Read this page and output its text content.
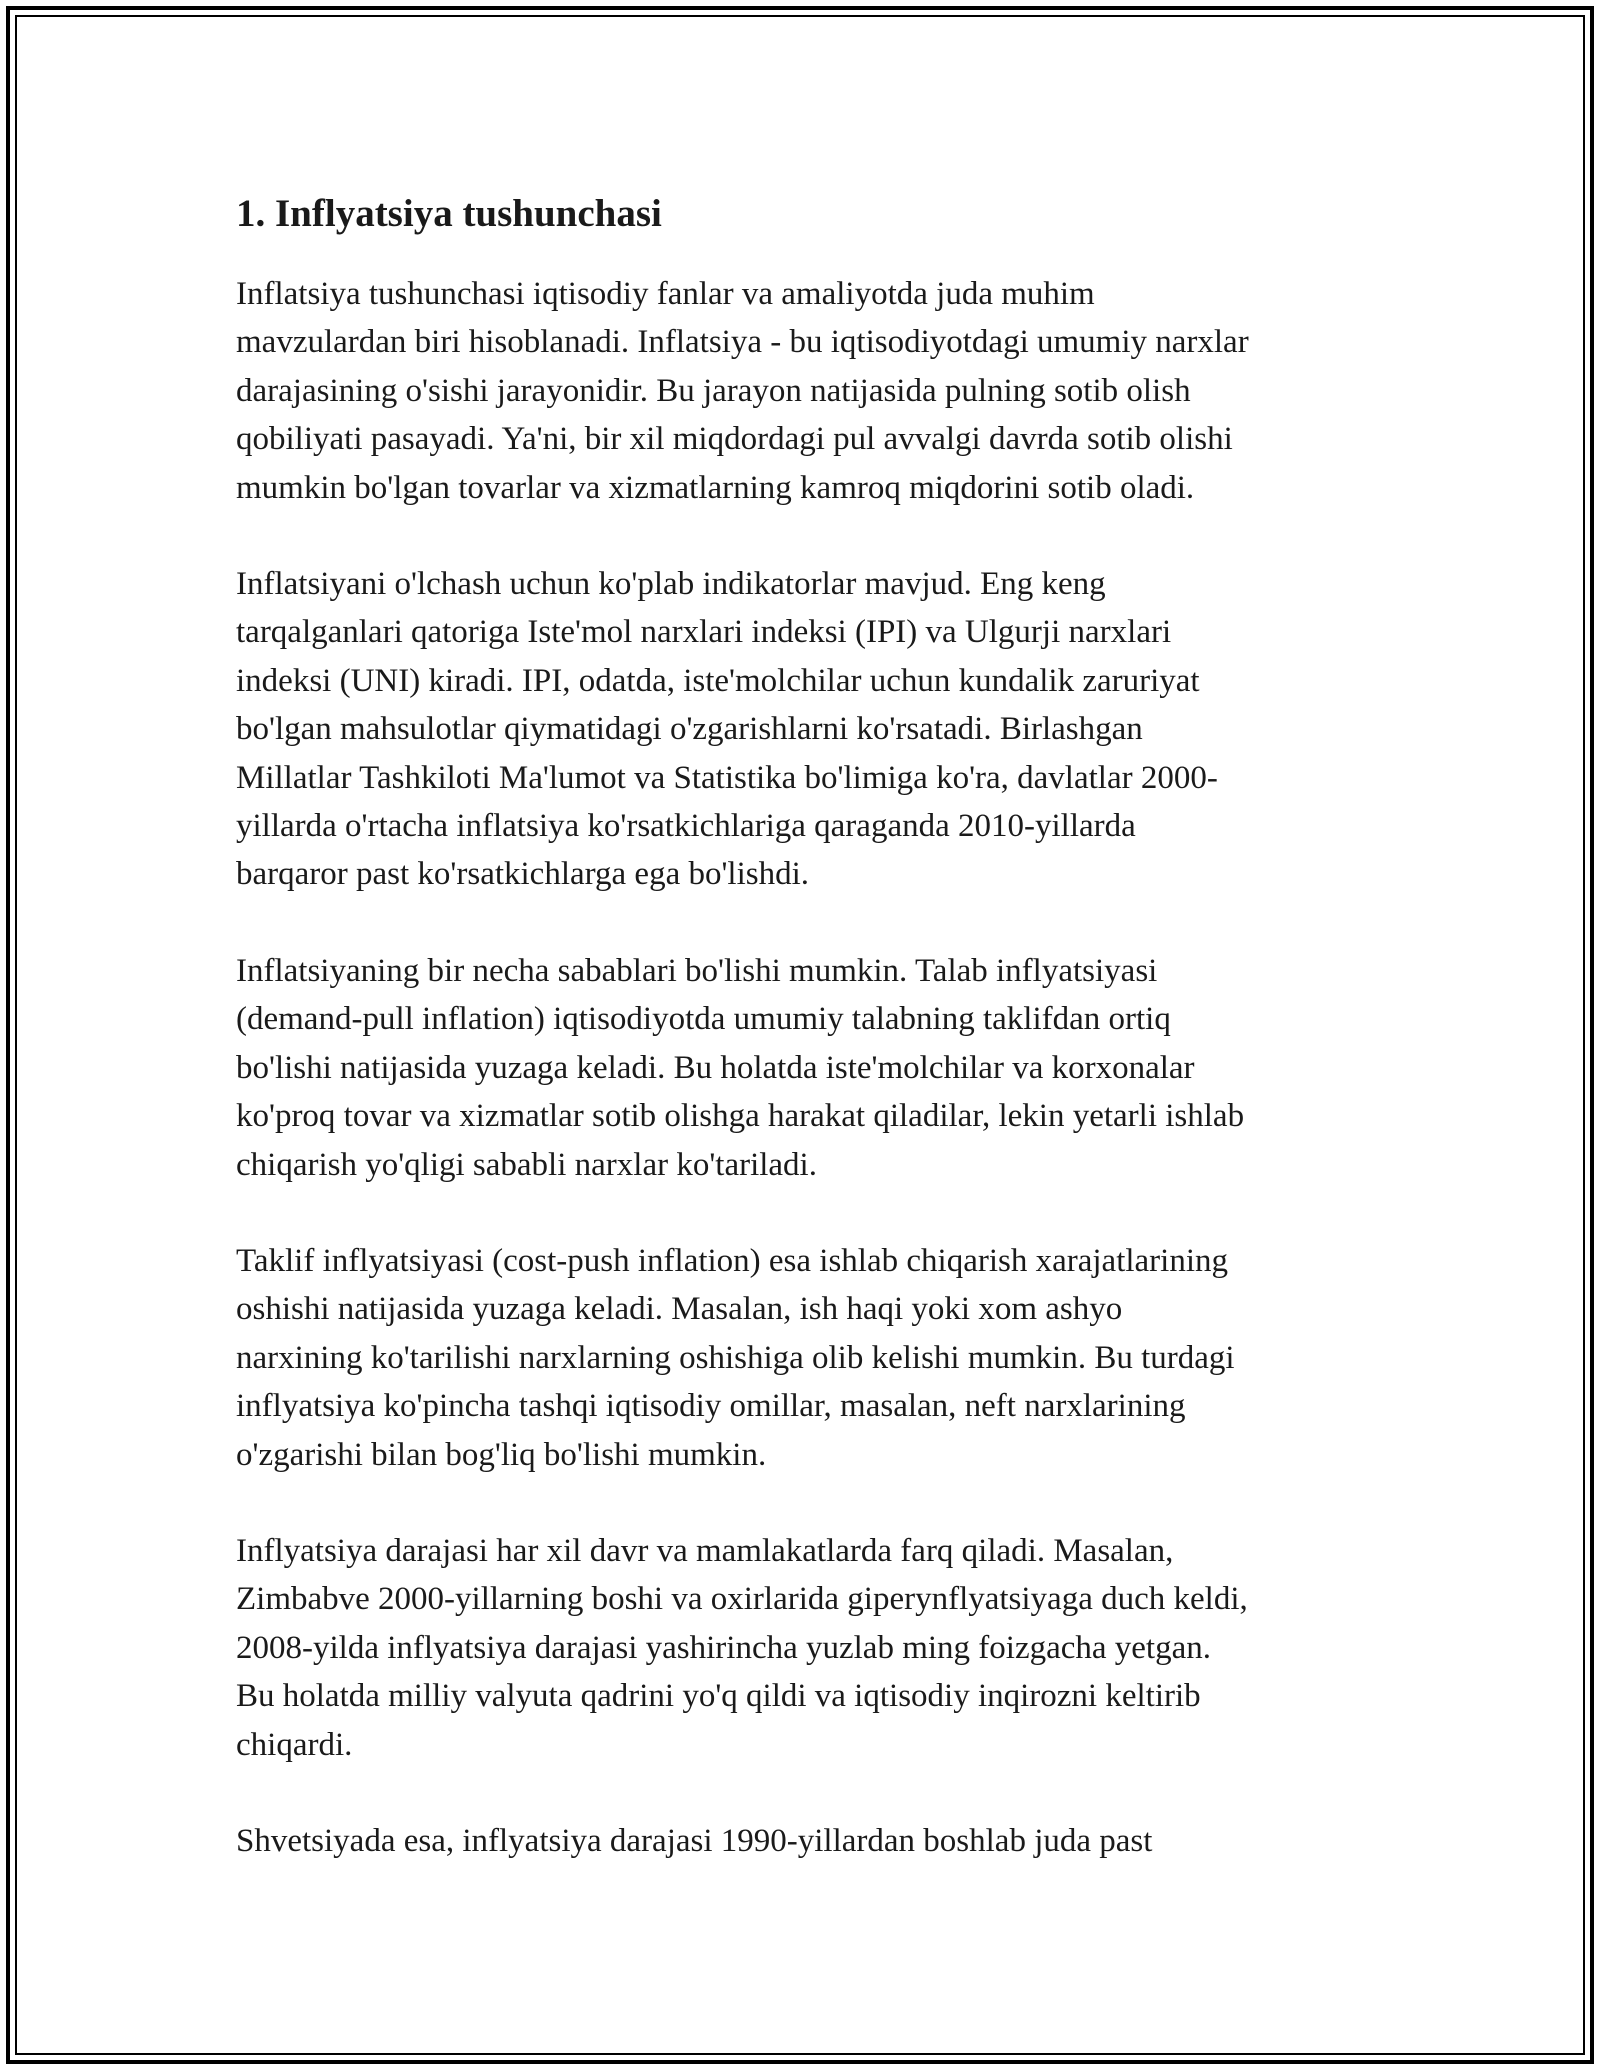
1. Inflyatsiya tushunchasi

Inflatsiya tushunchasi iqtisodiy fanlar va amaliyotda juda muhim
mavzulardan biri hisoblanadi. Inflatsiya - bu iqtisodiyotdagi umumiy narxlar
darajasining o'sishi jarayonidir. Bu jarayon natijasida pulning sotib olish
qobiliyati pasayadi. Ya'ni, bir xil miqdordagi pul avvalgi davrda sotib olishi
mumkin bo'lgan tovarlar va xizmatlarning kamroq miqdorini sotib oladi.

Inflatsiyani o'lchash uchun ko'plab indikatorlar mavjud. Eng keng
tarqalganlari qatoriga Iste'mol narxlari indeksi (IPI) va Ulgurji narxlari
indeksi (UNI) kiradi. IPI, odatda, iste'molchilar uchun kundalik zaruriyat
bo'lgan mahsulotlar qiymatidagi o'zgarishlarni ko'rsatadi. Birlashgan
Millatlar Tashkiloti Ma'lumot va Statistika bo'limiga ko'ra, davlatlar 2000-
yillarda o'rtacha inflatsiya ko'rsatkichlariga qaraganda 2010-yillarda
barqaror past ko'rsatkichlarga ega bo'lishdi.

Inflatsiyaning bir necha sabablari bo'lishi mumkin. Talab inflyatsiyasi
(demand-pull inflation) iqtisodiyotda umumiy talabning taklifdan ortiq
bo'lishi natijasida yuzaga keladi. Bu holatda iste'molchilar va korxonalar
ko'proq tovar va xizmatlar sotib olishga harakat qiladilar, lekin yetarli ishlab
chiqarish yo'qligi sababli narxlar ko'tariladi.

Taklif inflyatsiyasi (cost-push inflation) esa ishlab chiqarish xarajatlarining
oshishi natijasida yuzaga keladi. Masalan, ish haqi yoki xom ashyo
narxining ko'tarilishi narxlarning oshishiga olib kelishi mumkin. Bu turdagi
inflyatsiya ko'pincha tashqi iqtisodiy omillar, masalan, neft narxlarining
o'zgarishi bilan bog'liq bo'lishi mumkin.

Inflyatsiya darajasi har xil davr va mamlakatlarda farq qiladi. Masalan,
Zimbabve 2000-yillarning boshi va oxirlarida giperynflyatsiyaga duch keldi,
2008-yilda inflyatsiya darajasi yashirincha yuzlab ming foizgacha yetgan.
Bu holatda milliy valyuta qadrini yo'q qildi va iqtisodiy inqirozni keltirib
chiqardi.

Shvetsiyada esa, inflyatsiya darajasi 1990-yillardan boshlab juda past
